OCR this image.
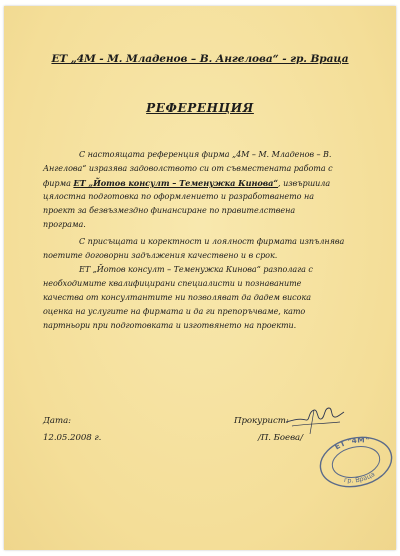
ЕТ „4М - М. Младенов – В. Ангелова“ - гр. Враца
РЕФЕРЕНЦИЯ
С настоящата референция фирма „4М – М. Младенов – В.
Ангелова“ изразява задоволството си от съвместената работа с
фирма ЕТ „Йотов консулт – Теменужка Кинова“, извършила
цялостна подготовка по оформлението и разработването на
проект за безвъзмездно финансиране по правителствена
програма.
С присъщата и коректност и лоялност фирмата изпълнява
поетите договорни задължения качествено и в срок.
ЕТ „Йотов консулт – Теменужка Кинова“ разполага с
необходимите квалифицирани специалисти и познаваните
качества от консултантите ни позволяват да дадем висока
оценка на услугите на фирмата и да ги препоръчваме, като
партньори при подготовката и изготвянето на проекти.
Дата:
12.05.2008 г.
Прокурист:
/П. Боева/
ЕТ "4М"
гр. Враца
